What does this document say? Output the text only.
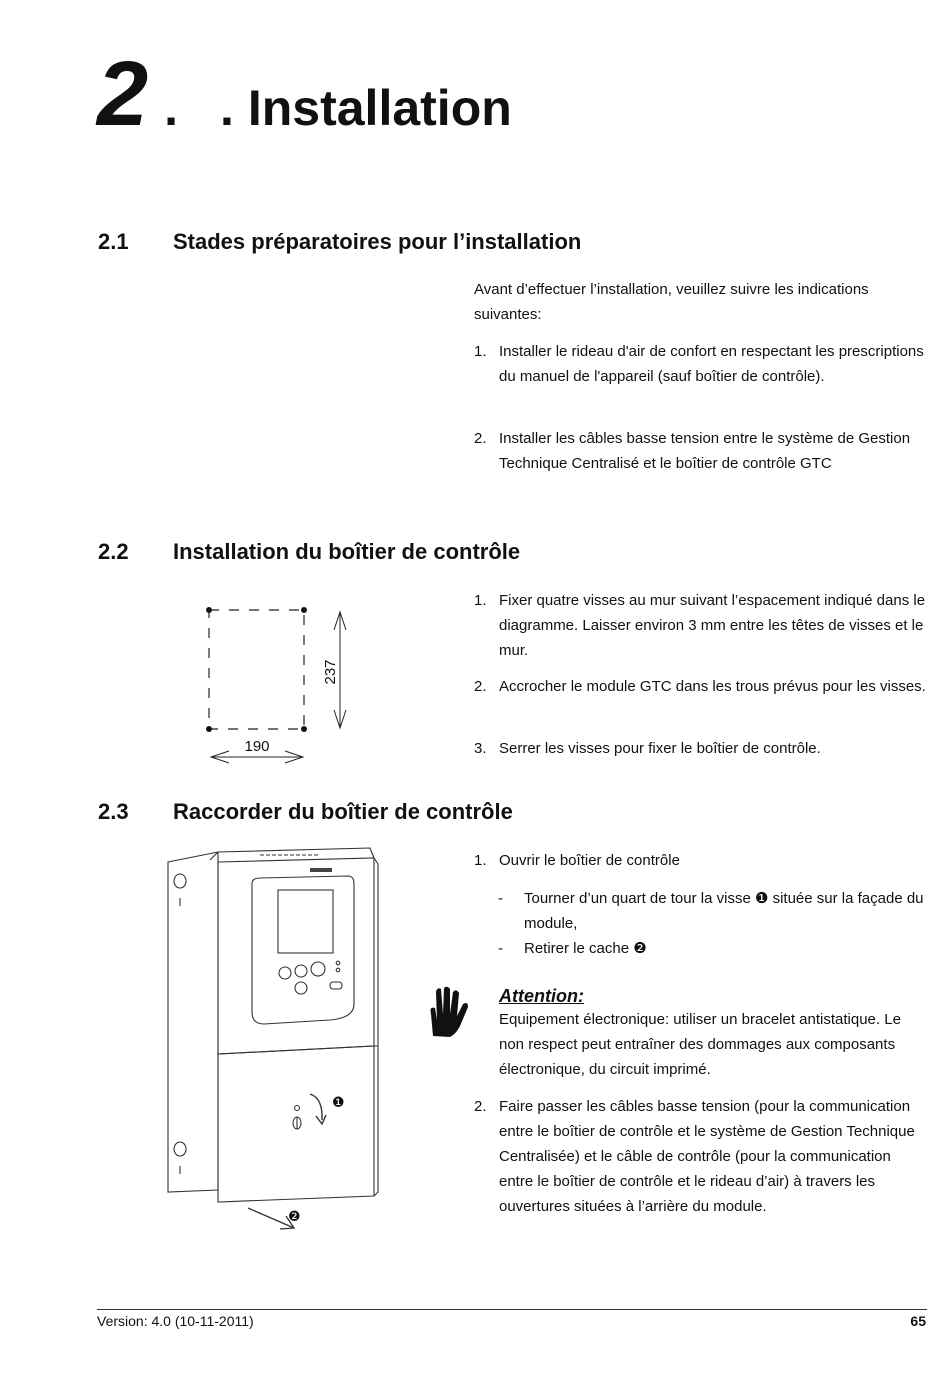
2 . .Installation
2.1 Stades préparatoires pour l’installation
Avant d’effectuer l’installation, veuillez suivre les indications suivantes:
1. Installer le rideau d'air de confort en respectant les prescriptions du manuel de l'appareil (sauf boîtier de contrôle).
2. Installer les câbles basse tension entre le système de Gestion Technique Centralisé et le boîtier de contrôle GTC
2.2 Installation du boîtier de contrôle
237
190
1. Fixer quatre visses au mur suivant l’espacement indiqué dans le diagramme. Laisser environ 3 mm entre les têtes de visses et le mur.
2. Accrocher le module GTC dans les trous prévus pour les visses.
3. Serrer les visses pour fixer le boîtier de contrôle.
2.3 Raccorder du boîtier de contrôle
❶
❷
1. Ouvrir le boîtier de contrôle
- Tourner d’un quart de tour la visse ❶ située sur la façade du module,
- Retirer le cache ❷
Attention:
Equipement électronique: utiliser un bracelet antistatique. Le non respect peut entraîner des dommages aux composants électronique, du circuit imprimé.
2. Faire passer les câbles basse tension (pour la communication entre le boîtier de contrôle et le système de Gestion Technique Centralisée) et le câble de contrôle (pour la communication entre le boîtier de contrôle et le rideau d’air) à travers les ouvertures situées à l’arrière du module.
Version: 4.0 (10-11-2011)	65
